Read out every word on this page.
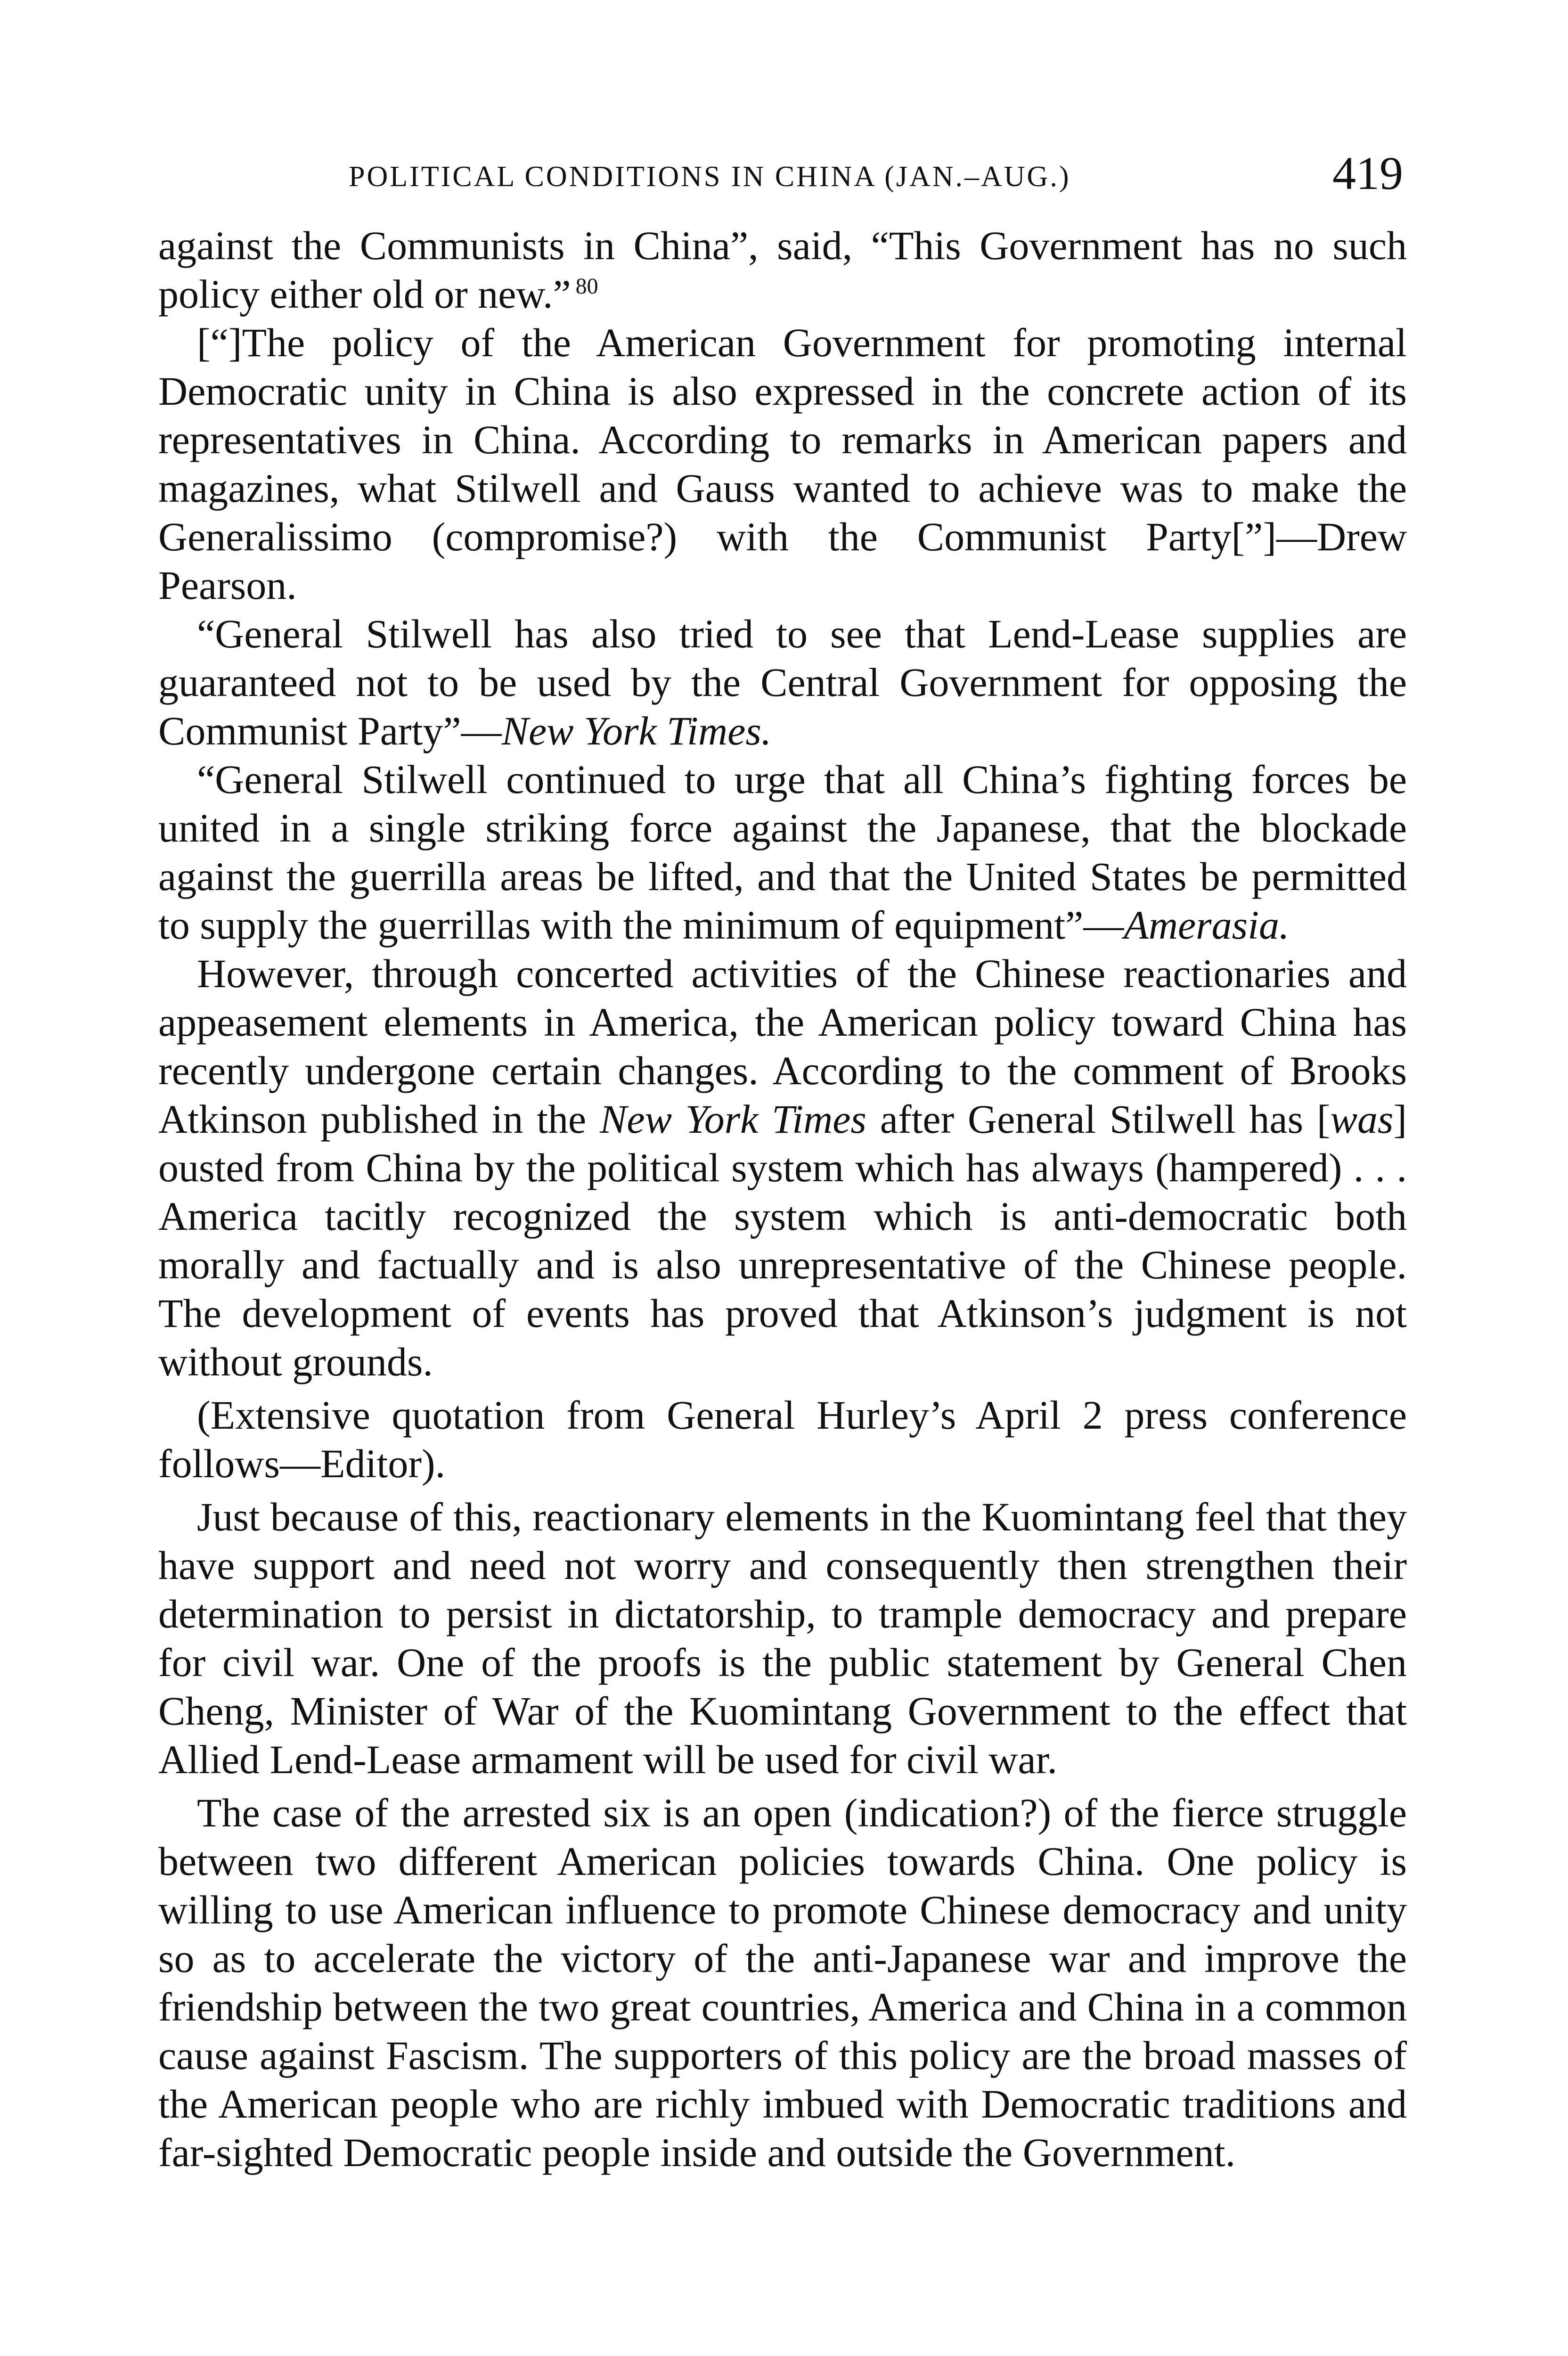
POLITICAL CONDITIONS IN CHINA (JAN.–AUG.)	419

against the Communists in China”, said, “This Government has no such policy either old or new.” $^{80}$

[“]The policy of the American Government for promoting internal Democratic unity in China is also expressed in the concrete action of its representatives in China. According to remarks in American papers and magazines, what Stilwell and Gauss wanted to achieve was to make the Generalissimo (compromise?) with the Communist Party[”]—Drew Pearson.

“General Stilwell has also tried to see that Lend-Lease supplies are guaranteed not to be used by the Central Government for opposing the Communist Party”—New York Times.

“General Stilwell continued to urge that all China’s fighting forces be united in a single striking force against the Japanese, that the blockade against the guerrilla areas be lifted, and that the United States be permitted to supply the guerrillas with the minimum of equipment”—Amerasia.

However, through concerted activities of the Chinese reactionaries and appeasement elements in America, the American policy toward China has recently undergone certain changes. According to the comment of Brooks Atkinson published in the New York Times after General Stilwell has [was] ousted from China by the political system which has always (hampered) . . . America tacitly recognized the system which is anti-democratic both morally and factually and is also unrepresentative of the Chinese people. The development of events has proved that Atkinson’s judgment is not without grounds.

(Extensive quotation from General Hurley’s April 2 press conference follows—Editor).

Just because of this, reactionary elements in the Kuomintang feel that they have support and need not worry and consequently then strengthen their determination to persist in dictatorship, to trample democracy and prepare for civil war. One of the proofs is the public statement by General Chen Cheng, Minister of War of the Kuomintang Government to the effect that Allied Lend-Lease armament will be used for civil war.

The case of the arrested six is an open (indication?) of the fierce struggle between two different American policies towards China. One policy is willing to use American influence to promote Chinese democracy and unity so as to accelerate the victory of the anti-Japanese war and improve the friendship between the two great countries, America and China in a common cause against Fascism. The supporters of this policy are the broad masses of the American people who are richly imbued with Democratic traditions and far-sighted Democratic people inside and outside the Government.
